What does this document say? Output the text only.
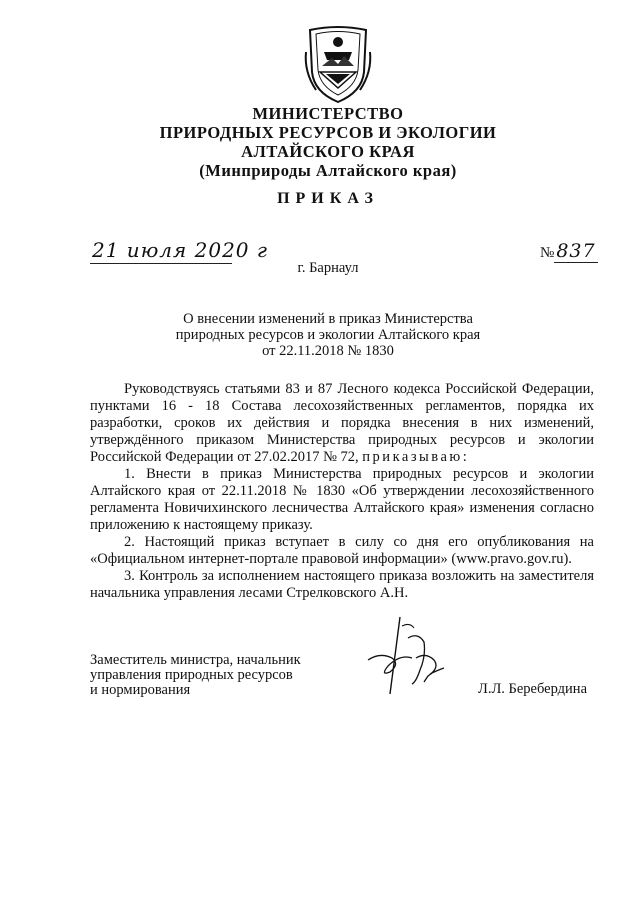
МИНИСТЕРСТВО
ПРИРОДНЫХ РЕСУРСОВ И ЭКОЛОГИИ
АЛТАЙСКОГО КРАЯ
(Минприроды Алтайского края)
ПРИКАЗ
21 июля 2020 г	№ 837
г. Барнаул
О внесении изменений в приказ Министерства
природных ресурсов и экологии Алтайского края
от 22.11.2018 № 1830

Руководствуясь статьями 83 и 87 Лесного кодекса Российской Федерации, пунктами 16 - 18 Состава лесохозяйственных регламентов, порядка их разработки, сроков их действия и порядка внесения в них изменений, утверждённого приказом Министерства природных ресурсов и экологии Российской Федерации от 27.02.2017 № 72, приказываю:

1. Внести в приказ Министерства природных ресурсов и экологии Алтайского края от 22.11.2018 № 1830 «Об утверждении лесохозяйственного регламента Новичихинского лесничества Алтайского края» изменения согласно приложению к настоящему приказу.

2. Настоящий приказ вступает в силу со дня его опубликования на «Официальном интернет-портале правовой информации» (www.pravo.gov.ru).

3. Контроль за исполнением настоящего приказа возложить на заместителя начальника управления лесами Стрелковского А.Н.

Заместитель министра, начальник
управления природных ресурсов
и нормирования	Л.Л. Беребердина
